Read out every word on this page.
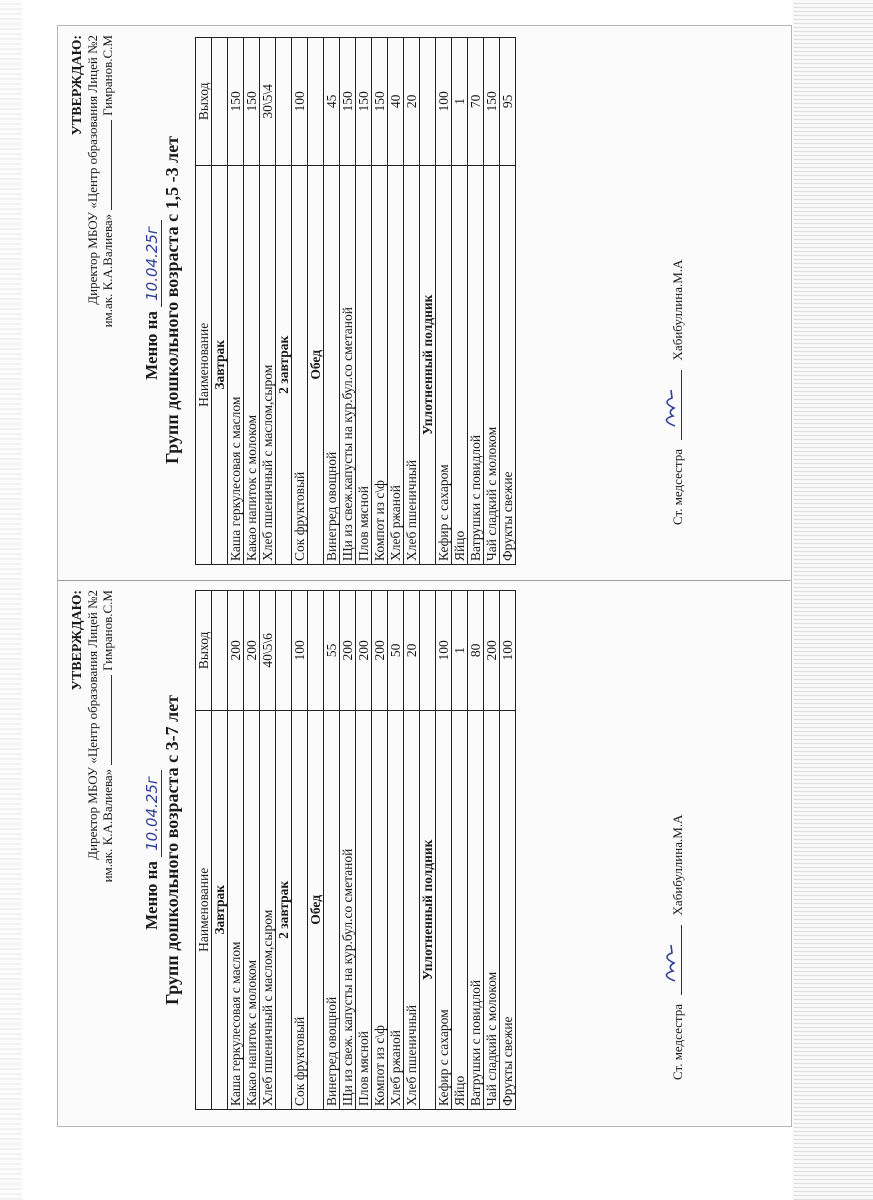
УТВЕРЖДАЮ: Директор МБОУ «Центр образования Лицей №2 им.ак. К.А.Валиева»Гимранов.С.М
Меню на 10.04.25г Групп дошкольного возраста с 1,5 -3 лет Наименование	Выход
Завтрак	
Каша геркулесовая с маслом	150
Какао напиток с молоком	150
Хлеб пшеничный с маслом,сыром	30\5\4
2 завтрак	
Сок фруктовый	100
Обед	
Винегред овощной	45
Щи из свеж.капусты на кур.бул.со сметаной	150
Плов мясной	150
Компот из с\ф	150
Хлеб ржаной	40
Хлеб пшеничный	20
Уплотненный полдник	
Кефир с сахаром	100
Яйцо	1
Ватрушки с повидлой	70
Чай сладкий с молоком	150
Фрукты свежие	95
Ст. медсестра
Хабибуллина.М.А
УТВЕРЖДАЮ: Директор МБОУ «Центр образования Лицей №2 им.ак. К.А.Валиева»Гимранов.С.М
Меню на 10.04.25г Групп дошкольного возраста с 3-7 лет Наименование	Выход
Завтрак	
Каша геркулесовая с маслом	200
Какао напиток с молоком	200
Хлеб пшеничный с маслом,сыром	40\5\6
2 завтрак	
Сок фруктовый	100
Обед	
Винегред овощной	55
Щи из свеж. капусты на кур.бул.со сметаной	200
Плов мясной	200
Компот из с\ф	200
Хлеб ржаной	50
Хлеб пшеничный	20
Уплотненный полдник	
Кефир с сахаром	100
Яйцо	1
Ватрушки с повидлой	80
Чай сладкий с молоком	200
Фрукты свежие	100
Ст. медсестра
Хабибуллина.М.А
